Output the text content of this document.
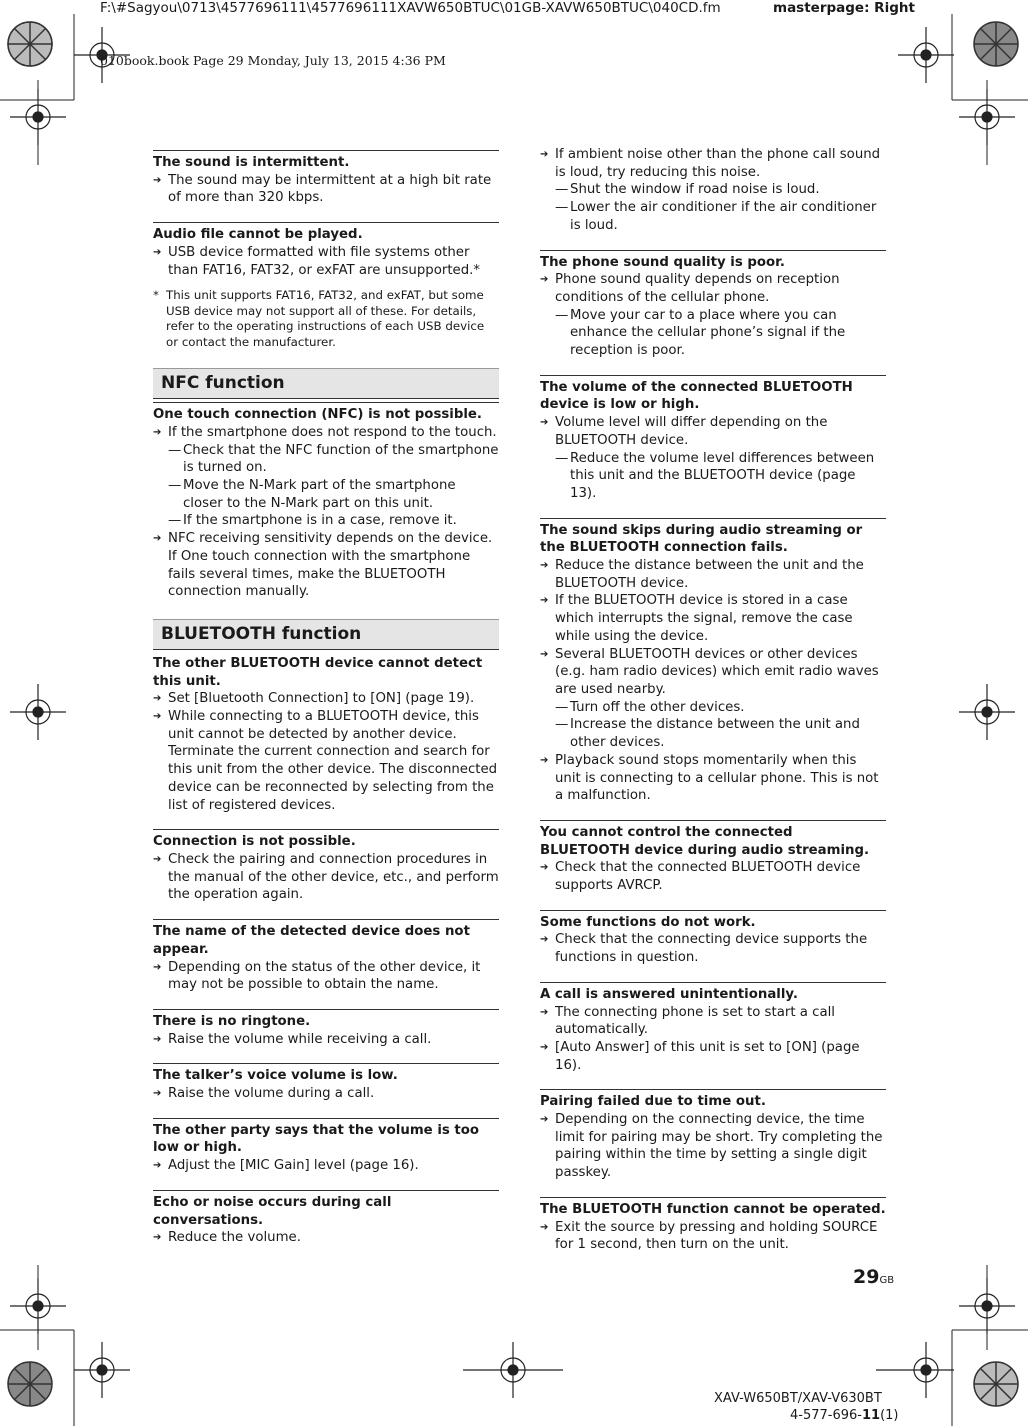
F:\#Sagyou\0713\4577696111\4577696111XAVW650BTUC\01GB-XAVW650BTUC\040CD.fm	masterpage: Right
010book.book Page 29 Monday, July 13, 2015 4:36 PM
The sound is intermittent.
➔ The sound may be intermittent at a high bit rate of more than 320 kbps.
Audio file cannot be played.
➔ USB device formatted with file systems other than FAT16, FAT32, or exFAT are unsupported.*
* This unit supports FAT16, FAT32, and exFAT, but some USB device may not support all of these. For details, refer to the operating instructions of each USB device or contact the manufacturer.
NFC function
One touch connection (NFC) is not possible.
➔ If the smartphone does not respond to the touch.
— Check that the NFC function of the smartphone is turned on.
— Move the N-Mark part of the smartphone closer to the N-Mark part on this unit.
— If the smartphone is in a case, remove it.
➔ NFC receiving sensitivity depends on the device.
If One touch connection with the smartphone fails several times, make the BLUETOOTH connection manually.
BLUETOOTH function
The other BLUETOOTH device cannot detect this unit.
➔ Set [Bluetooth Connection] to [ON] (page 19).
➔ While connecting to a BLUETOOTH device, this unit cannot be detected by another device.
Terminate the current connection and search for this unit from the other device. The disconnected device can be reconnected by selecting from the list of registered devices.
Connection is not possible.
➔ Check the pairing and connection procedures in the manual of the other device, etc., and perform the operation again.
The name of the detected device does not appear.
➔ Depending on the status of the other device, it may not be possible to obtain the name.
There is no ringtone.
➔ Raise the volume while receiving a call.
The talker’s voice volume is low.
➔ Raise the volume during a call.
The other party says that the volume is too low or high.
➔ Adjust the [MIC Gain] level (page 16).
Echo or noise occurs during call conversations.
➔ Reduce the volume.
➔ If ambient noise other than the phone call sound is loud, try reducing this noise.
— Shut the window if road noise is loud.
— Lower the air conditioner if the air conditioner is loud.
The phone sound quality is poor.
➔ Phone sound quality depends on reception conditions of the cellular phone.
— Move your car to a place where you can enhance the cellular phone’s signal if the reception is poor.
The volume of the connected BLUETOOTH device is low or high.
➔ Volume level will differ depending on the BLUETOOTH device.
— Reduce the volume level differences between this unit and the BLUETOOTH device (page 13).
The sound skips during audio streaming or the BLUETOOTH connection fails.
➔ Reduce the distance between the unit and the BLUETOOTH device.
➔ If the BLUETOOTH device is stored in a case which interrupts the signal, remove the case while using the device.
➔ Several BLUETOOTH devices or other devices (e.g. ham radio devices) which emit radio waves are used nearby.
— Turn off the other devices.
— Increase the distance between the unit and other devices.
➔ Playback sound stops momentarily when this unit is connecting to a cellular phone. This is not a malfunction.
You cannot control the connected BLUETOOTH device during audio streaming.
➔ Check that the connected BLUETOOTH device supports AVRCP.
Some functions do not work.
➔ Check that the connecting device supports the functions in question.
A call is answered unintentionally.
➔ The connecting phone is set to start a call automatically.
➔ [Auto Answer] of this unit is set to [ON] (page 16).
Pairing failed due to time out.
➔ Depending on the connecting device, the time limit for pairing may be short. Try completing the pairing within the time by setting a single digit passkey.
The BLUETOOTH function cannot be operated.
➔ Exit the source by pressing and holding SOURCE for 1 second, then turn on the unit.
29GB
XAV-W650BT/XAV-V630BT
4-577-696-11(1)
